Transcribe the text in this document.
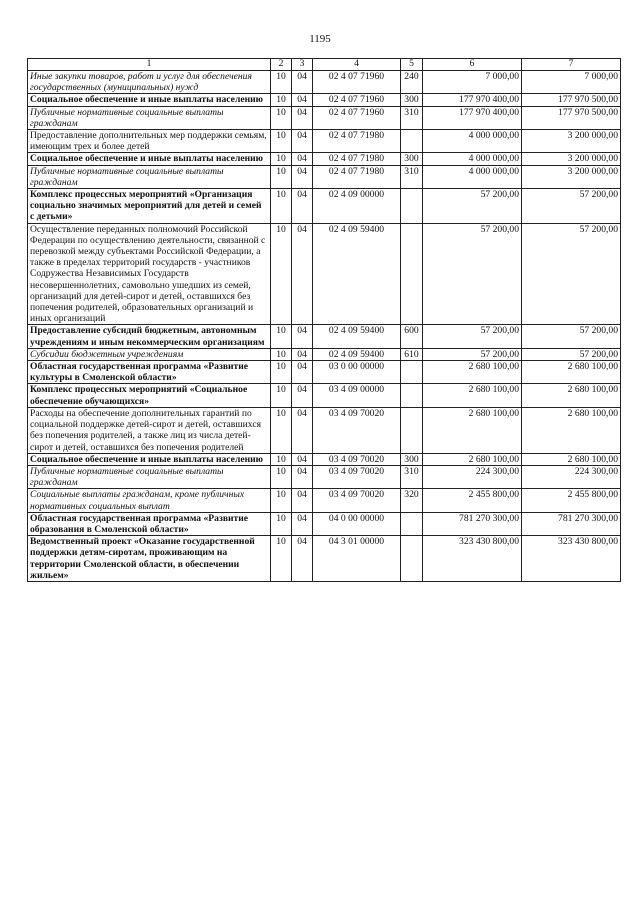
1195
1	2	3	4	5	6	7
Иные закупки товаров, работ и услуг для обеспечения государственных (муниципальных) нужд	10	04	02 4 07 71960	240	7 000,00	7 000,00
Социальное обеспечение и иные выплаты населению	10	04	02 4 07 71960	300	177 970 400,00	177 970 500,00
Публичные нормативные социальные выплаты гражданам	10	04	02 4 07 71960	310	177 970 400,00	177 970 500,00
Предоставление дополнительных мер поддержки семьям, имеющим трех и более детей	10	04	02 4 07 71980		4 000 000,00	3 200 000,00
Социальное обеспечение и иные выплаты населению	10	04	02 4 07 71980	300	4 000 000,00	3 200 000,00
Публичные нормативные социальные выплаты гражданам	10	04	02 4 07 71980	310	4 000 000,00	3 200 000,00
Комплекс процессных мероприятий «Организация социально значимых мероприятий для детей и семей с детьми»	10	04	02 4 09 00000		57 200,00	57 200,00
Осуществление переданных полномочий Российской Федерации по осуществлению деятельности, связанной с перевозкой между субъектами Российской Федерации, а также в пределах территорий государств - участников Содружества Независимых Государств несовершеннолетних, самовольно ушедших из семей, организаций для детей-сирот и детей, оставшихся без попечения родителей, образовательных организаций и иных организаций	10	04	02 4 09 59400		57 200,00	57 200,00
Предоставление субсидий бюджетным, автономным учреждениям и иным некоммерческим организациям	10	04	02 4 09 59400	600	57 200,00	57 200,00
Субсидии бюджетным учреждениям	10	04	02 4 09 59400	610	57 200,00	57 200,00
Областная государственная программа «Развитие культуры в Смоленской области»	10	04	03 0 00 00000		2 680 100,00	2 680 100,00
Комплекс процессных мероприятий «Социальное обеспечение обучающихся»	10	04	03 4 09 00000		2 680 100,00	2 680 100,00
Расходы на обеспечение дополнительных гарантий по социальной поддержке детей-сирот и детей, оставшихся без попечения родителей, а также лиц из числа детей-сирот и детей, оставшихся без попечения родителей	10	04	03 4 09 70020		2 680 100,00	2 680 100,00
Социальное обеспечение и иные выплаты населению	10	04	03 4 09 70020	300	2 680 100,00	2 680 100,00
Публичные нормативные социальные выплаты гражданам	10	04	03 4 09 70020	310	224 300,00	224 300,00
Социальные выплаты гражданам, кроме публичных нормативных социальных выплат	10	04	03 4 09 70020	320	2 455 800,00	2 455 800,00
Областная государственная программа «Развитие образования в Смоленской области»	10	04	04 0 00 00000		781 270 300,00	781 270 300,00
Ведомственный проект «Оказание государственной поддержки детям-сиротам, проживающим на территории Смоленской области, в обеспечении жильем»	10	04	04 3 01 00000		323 430 800,00	323 430 800,00
